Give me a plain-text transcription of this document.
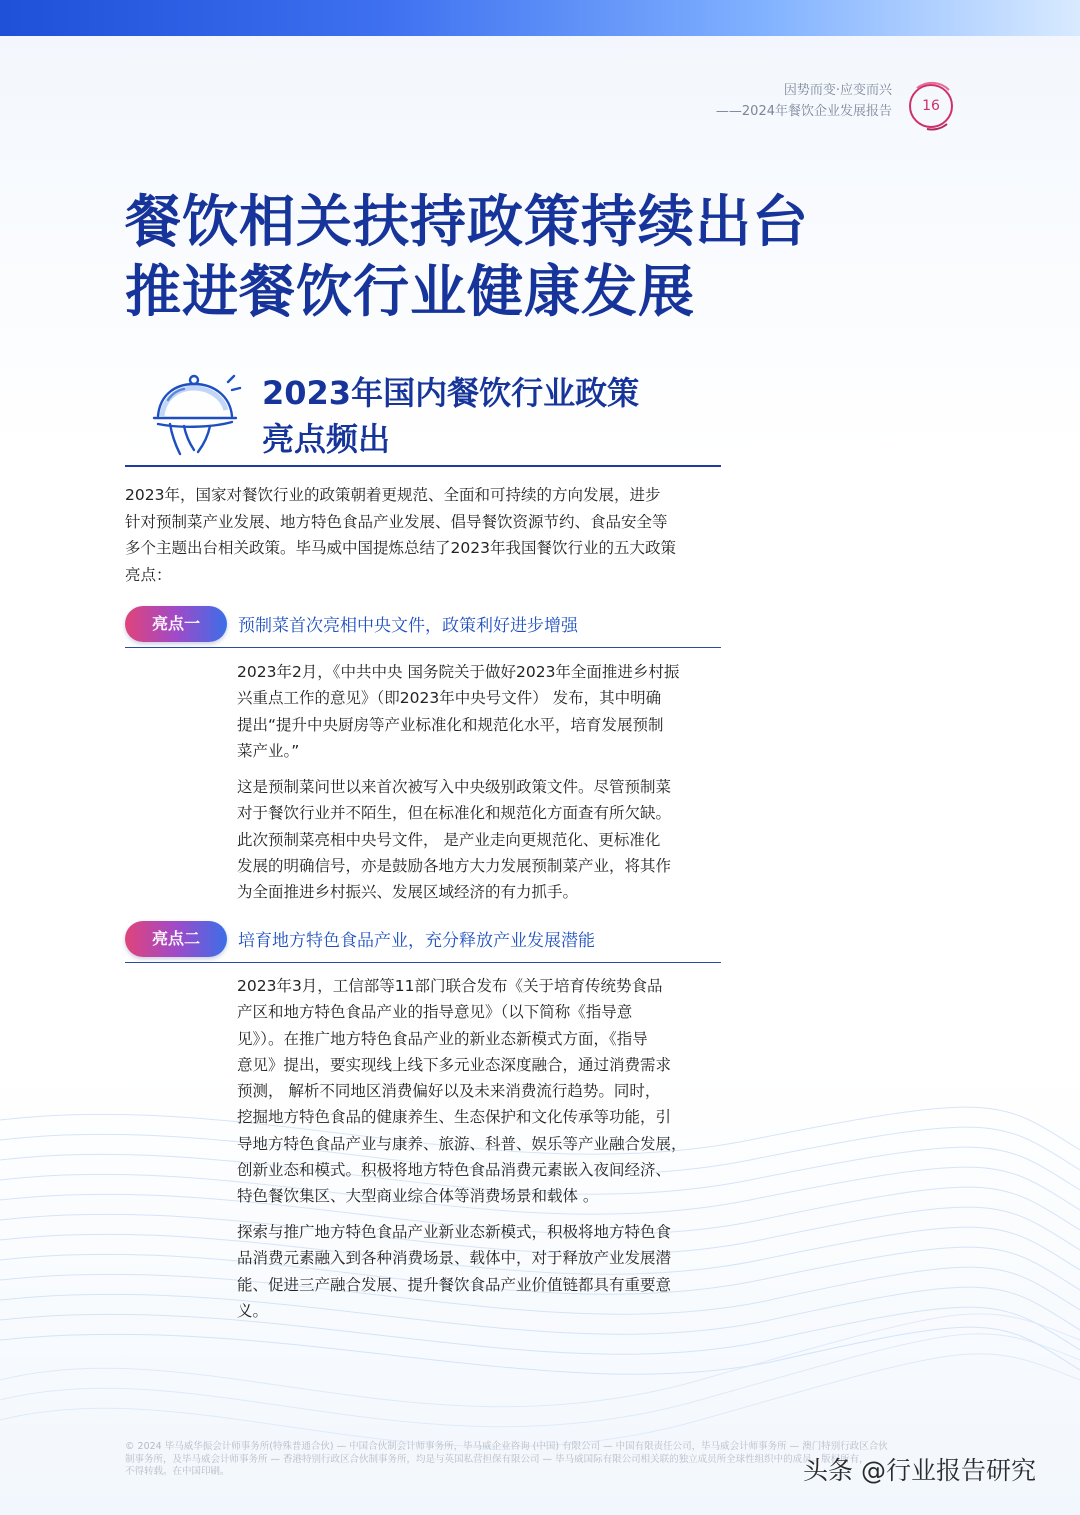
因势而变·应变而兴
——2024年餐饮企业发展报告	16
餐饮相关扶持政策持续出台
推进餐饮行业健康发展
2023年国内餐饮行业政策
亮点频出
2023年，国家对餐饮行业的政策朝着更规范、全面和可持续的方向发展，进步
针对预制菜产业发展、地方特色食品产业发展、倡导餐饮资源节约、食品安全等
多个主题出台相关政策。毕马威中国提炼总结了2023年我国餐饮行业的五大政策
亮点：
亮点一	预制菜首次亮相中央文件，政策利好进步增强
2023年2月，《中共中央 国务院关于做好2023年全面推进乡村振
兴重点工作的意见》（即2023年中央号文件） 发布，其中明确
提出“提升中央厨房等产业标准化和规范化水平，培育发展预制
菜产业。”
这是预制菜问世以来首次被写入中央级别政策文件。尽管预制菜
对于餐饮行业并不陌生，但在标准化和规范化方面查有所欠缺。
此次预制菜亮相中央号文件， 是产业走向更规范化、更标准化
发展的明确信号，亦是鼓励各地方大力发展预制菜产业，将其作
为全面推进乡村振兴、发展区域经济的有力抓手。
亮点二	培育地方特色食品产业，充分释放产业发展潜能
2023年3月，工信部等11部门联合发布《关于培育传统势食品
产区和地方特色食品产业的指导意见》（以下简称《指导意
见》）。在推广地方特色食品产业的新业态新模式方面，《指导
意见》提出，要实现线上线下多元业态深度融合，通过消费需求
预测， 解析不同地区消费偏好以及未来消费流行趋势。同时，
挖掘地方特色食品的健康养生、生态保护和文化传承等功能，引
导地方特色食品产业与康养、旅游、科普、娱乐等产业融合发展，
创新业态和模式。积极将地方特色食品消费元素嵌入夜间经济、
特色餐饮集区、大型商业综合体等消费场景和载体 。
探索与推广地方特色食品产业新业态新模式，积极将地方特色食
品消费元素融入到各种消费场景、载体中，对于释放产业发展潜
能、促进三产融合发展、提升餐饮食品产业价值链都具有重要意
义。
© 2024 毕马威华振会计师事务所(特殊普通合伙) — 中国合伙制会计师事务所，毕马威企业咨询 (中国) 有限公司 — 中国有限责任公司，毕马威会计师事务所 — 澳门特别行政区合伙
制事务所，及毕马威会计师事务所 — 香港特别行政区合伙制事务所，均是与英国私营担保有限公司 — 毕马威国际有限公司相关联的独立成员所全球性组织中的成员。版权所有，
不得转载。在中国印刷。	头条 @行业报告研究
